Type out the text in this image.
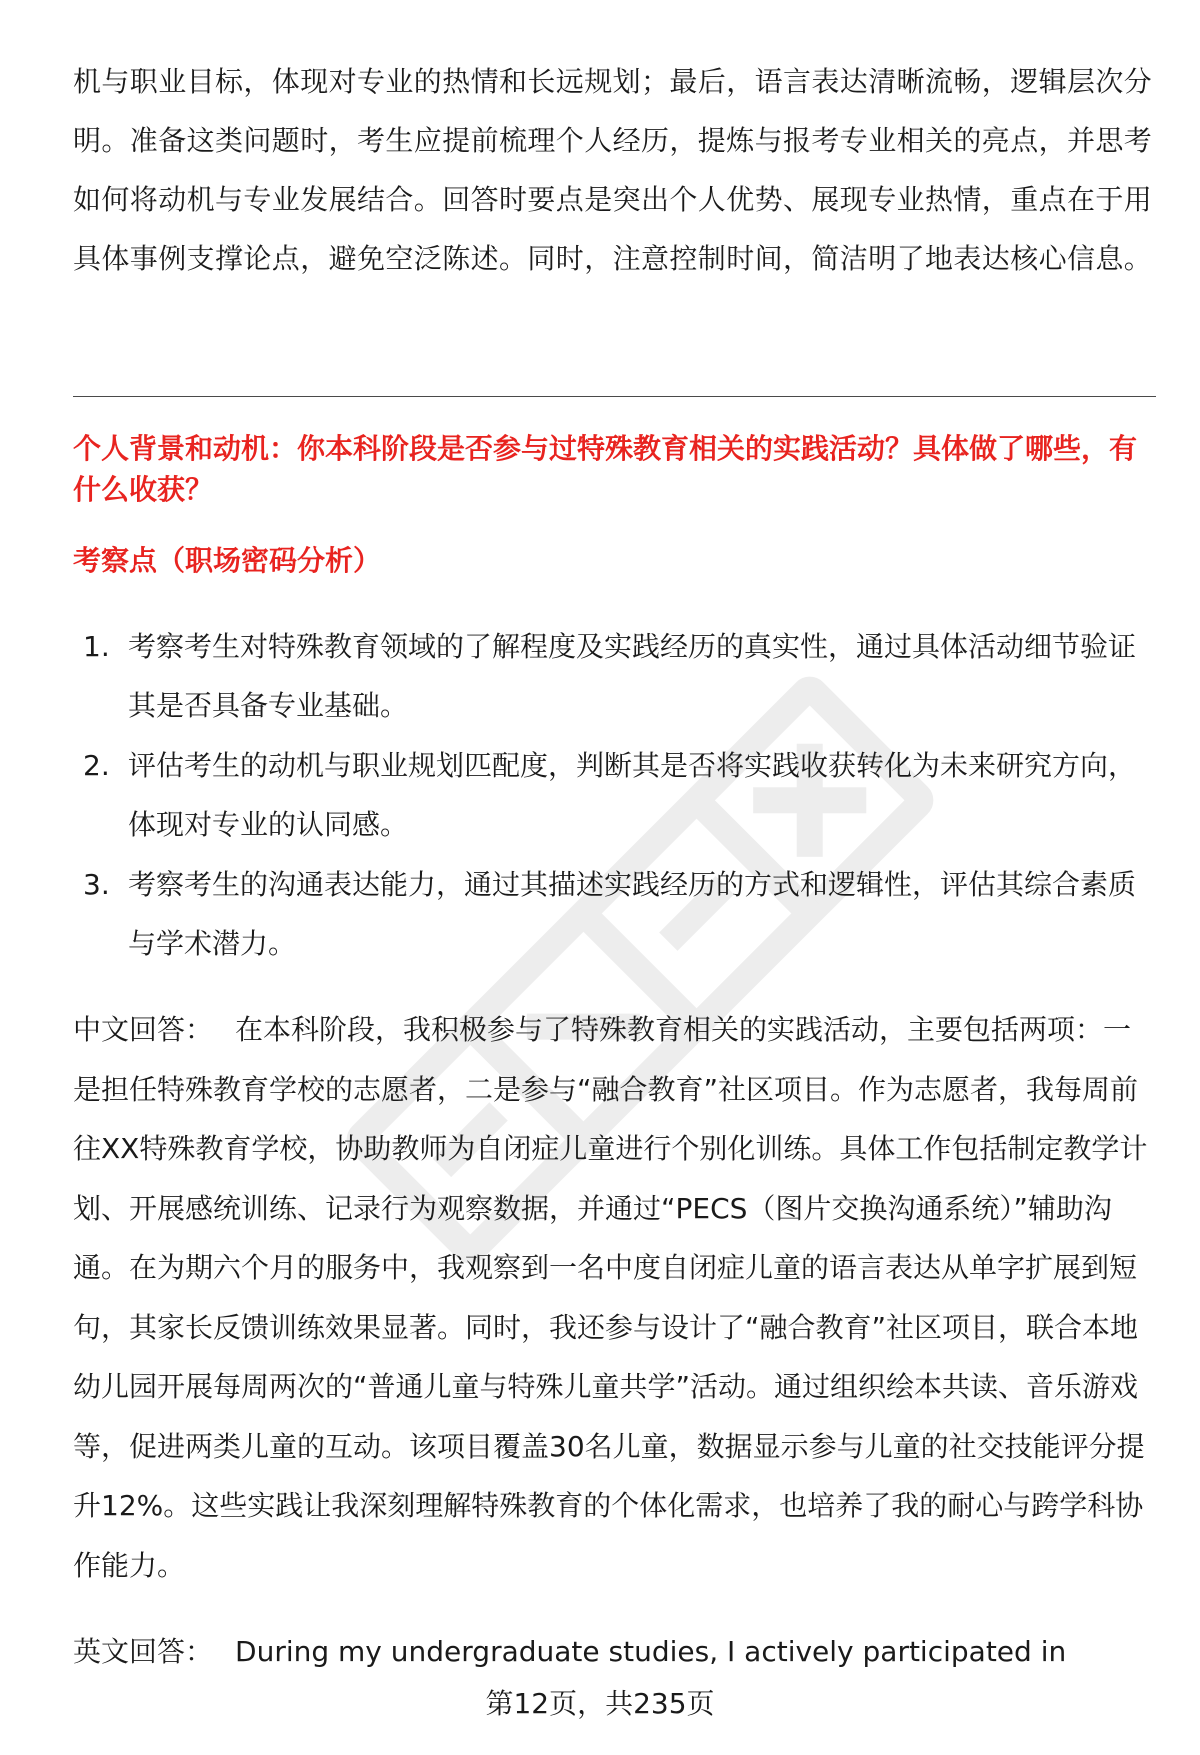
机与职业目标，体现对专业的热情和长远规划；最后，语言表达清晰流畅，逻辑层次分明。准备这类问题时，考生应提前梳理个人经历，提炼与报考专业相关的亮点，并思考如何将动机与专业发展结合。回答时要点是突出个人优势、展现专业热情，重点在于用具体事例支撑论点，避免空泛陈述。同时，注意控制时间，简洁明了地表达核心信息。

个人背景和动机：你本科阶段是否参与过特殊教育相关的实践活动？具体做了哪些，有什么收获？

考察点（职场密码分析）

1. 考察考生对特殊教育领域的了解程度及实践经历的真实性，通过具体活动细节验证其是否具备专业基础。
2. 评估考生的动机与职业规划匹配度，判断其是否将实践收获转化为未来研究方向，体现对专业的认同感。
3. 考察考生的沟通表达能力，通过其描述实践经历的方式和逻辑性，评估其综合素质与学术潜力。

中文回答： 在本科阶段，我积极参与了特殊教育相关的实践活动，主要包括两项：一是担任特殊教育学校的志愿者，二是参与“融合教育”社区项目。作为志愿者，我每周前往XX特殊教育学校，协助教师为自闭症儿童进行个别化训练。具体工作包括制定教学计划、开展感统训练、记录行为观察数据，并通过“PECS（图片交换沟通系统）”辅助沟通。在为期六个月的服务中，我观察到一名中度自闭症儿童的语言表达从单字扩展到短句，其家长反馈训练效果显著。同时，我还参与设计了“融合教育”社区项目，联合本地幼儿园开展每周两次的“普通儿童与特殊儿童共学”活动。通过组织绘本共读、音乐游戏等，促进两类儿童的互动。该项目覆盖30名儿童，数据显示参与儿童的社交技能评分提升12%。这些实践让我深刻理解特殊教育的个体化需求，也培养了我的耐心与跨学科协作能力。

英文回答： During my undergraduate studies, I actively participated in

第12页，共235页
